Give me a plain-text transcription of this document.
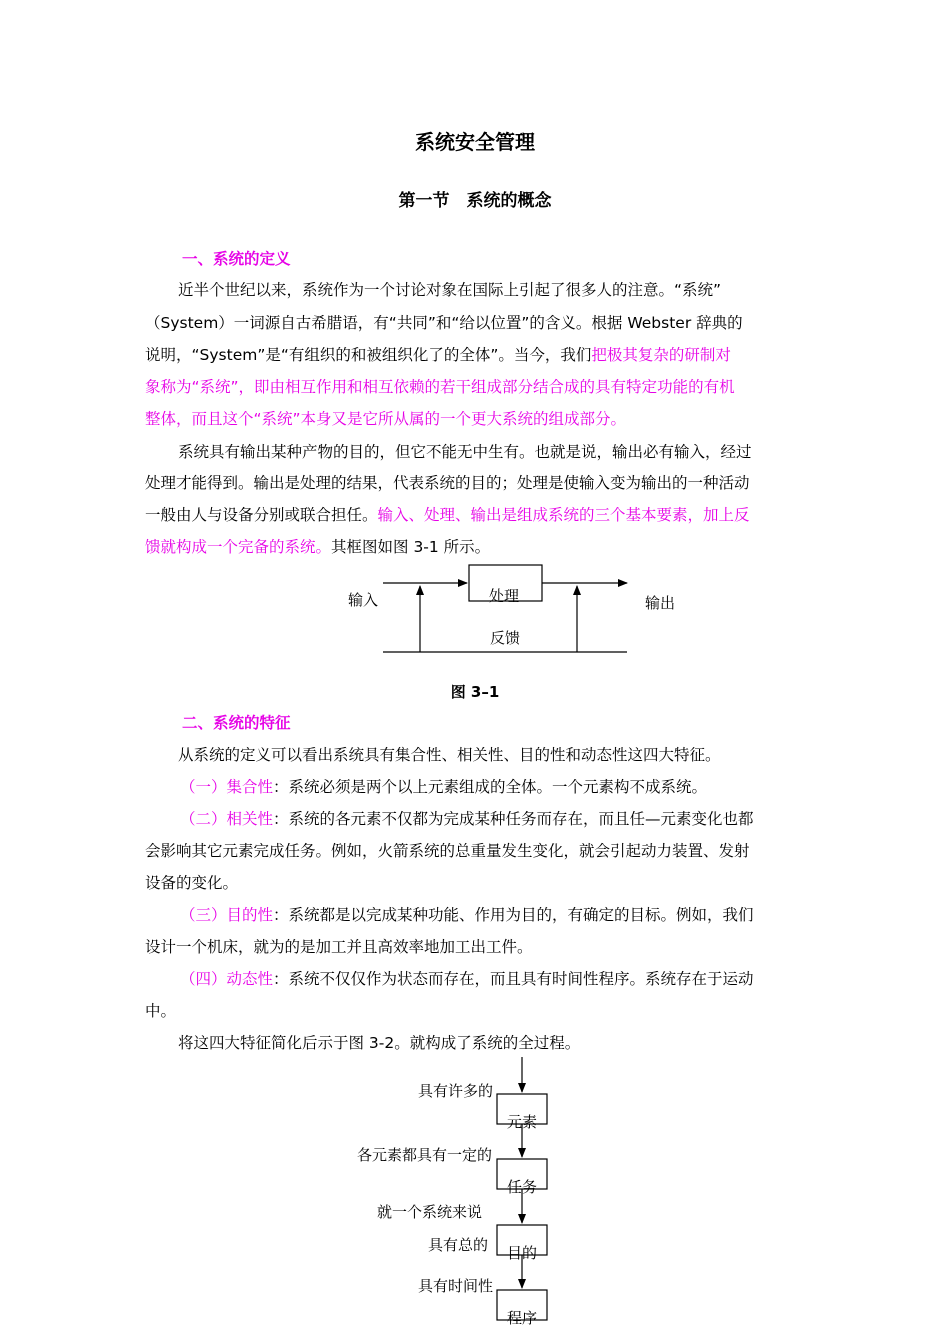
系统安全管理
第一节　系统的概念
一、系统的定义
近半个世纪以来，系统作为一个讨论对象在国际上引起了很多人的注意。“系统”
（System）一词源自古希腊语，有“共同”和“给以位置”的含义。根据 Webster 辞典的
说明，“System”是“有组织的和被组织化了的全体”。当今，我们把极其复杂的研制对
象称为“系统”，即由相互作用和相互依赖的若干组成部分结合成的具有特定功能的有机
整体，而且这个“系统”本身又是它所从属的一个更大系统的组成部分。
系统具有输出某种产物的目的，但它不能无中生有。也就是说，输出必有输入，经过
处理才能得到。输出是处理的结果，代表系统的目的；处理是使输入变为输出的一种活动
一般由人与设备分别或联合担任。输入、处理、输出是组成系统的三个基本要素，加上反
馈就构成一个完备的系统。其框图如图 3-1 所示。
输入	处理	输出
反馈
图 3–1
二、系统的特征
从系统的定义可以看出系统具有集合性、相关性、目的性和动态性这四大特征。
（一）集合性：系统必须是两个以上元素组成的全体。一个元素构不成系统。
（二）相关性：系统的各元素不仅都为完成某种任务而存在，而且任—元素变化也都
会影响其它元素完成任务。例如，火箭系统的总重量发生变化，就会引起动力装置、发射
设备的变化。
（三）目的性：系统都是以完成某种功能、作用为目的，有确定的目标。例如，我们
设计一个机床，就为的是加工并且高效率地加工出工件。
（四）动态性：系统不仅仅作为状态而存在，而且具有时间性程序。系统存在于运动
中。
将这四大特征简化后示于图 3-2。就构成了系统的全过程。
具有许多的
元素
各元素都具有一定的
任务
就一个系统来说
具有总的 目的
具有时间性
程序
